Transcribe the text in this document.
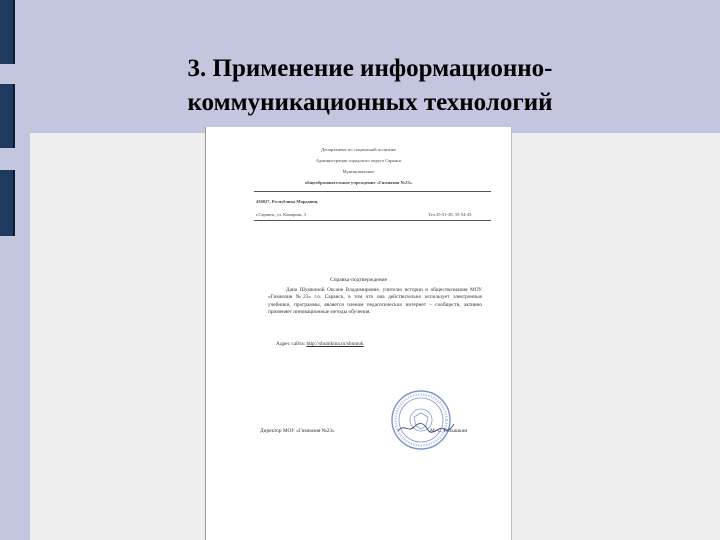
3. Применение информационно-
коммуникационных технологий
Департамент по социальной политике
Администрации городского округа Саранск
Муниципальное
общеобразовательное учреждение «Гимназия №23»
430027, Республика Мордовия,
г.Саранск, ул. Комарова, 3	Тел.35-51-38; 35-54-43
Справка-подтверждение

Дана Шумкиной Оксане Владимировне, учителю истории и обществознания МОУ «Гимназия №23» г.о. Саранск, в том что она действительно использует электронные учебники, программы, является членом педагогических интернет – сообществ, активно применяет инновационные методы обучения.

Адрес сайта: http://shumkina.ru/shumok
Директор МОУ «Гимназия №23»	М. С. Голышкин
